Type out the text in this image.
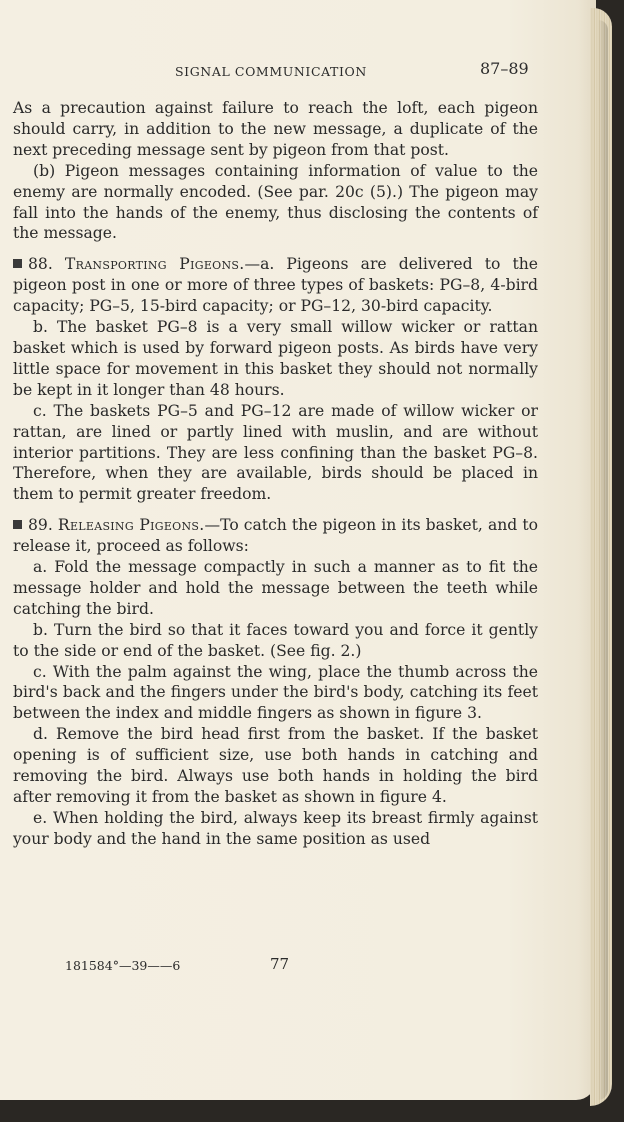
SIGNAL COMMUNICATION	87–89

As a precaution against failure to reach the loft, each pigeon should carry, in addition to the new message, a duplicate of the next preceding message sent by pigeon from that post.

(b) Pigeon messages containing information of value to the enemy are normally encoded. (See par. 20c (5).) The pigeon may fall into the hands of the enemy, thus disclosing the contents of the message.

88. Transporting Pigeons.—a. Pigeons are delivered to the pigeon post in one or more of three types of baskets: PG–8, 4-bird capacity; PG–5, 15-bird capacity; or PG–12, 30-bird capacity.

b. The basket PG–8 is a very small willow wicker or rattan basket which is used by forward pigeon posts. As birds have very little space for movement in this basket they should not normally be kept in it longer than 48 hours.

c. The baskets PG–5 and PG–12 are made of willow wicker or rattan, are lined or partly lined with muslin, and are without interior partitions. They are less confining than the basket PG–8. Therefore, when they are available, birds should be placed in them to permit greater freedom.

89. Releasing Pigeons.—To catch the pigeon in its basket, and to release it, proceed as follows:

a. Fold the message compactly in such a manner as to fit the message holder and hold the message between the teeth while catching the bird.

b. Turn the bird so that it faces toward you and force it gently to the side or end of the basket. (See fig. 2.)

c. With the palm against the wing, place the thumb across the bird's back and the fingers under the bird's body, catching its feet between the index and middle fingers as shown in figure 3.

d. Remove the bird head first from the basket. If the basket opening is of sufficient size, use both hands in catching and removing the bird. Always use both hands in holding the bird after removing it from the basket as shown in figure 4.

e. When holding the bird, always keep its breast firmly against your body and the hand in the same position as used

181584°—39——6	77
